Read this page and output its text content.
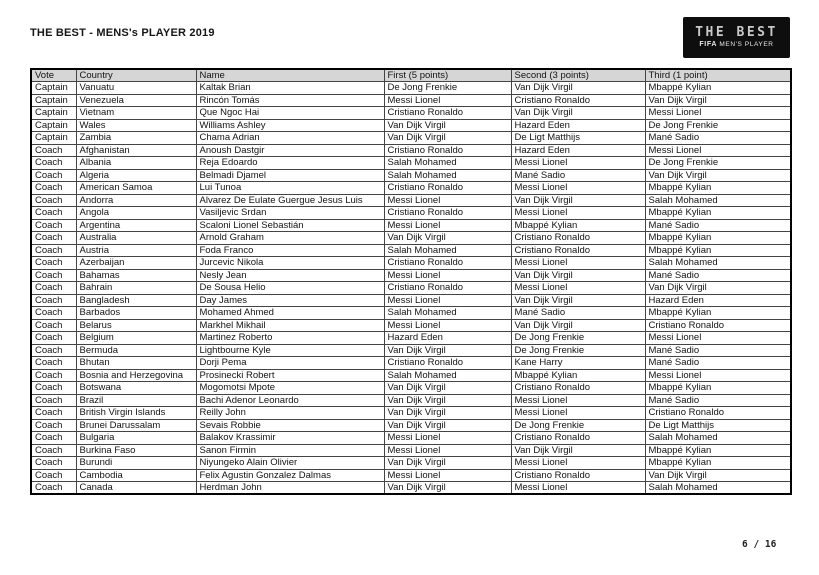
THE BEST - MENS's PLAYER 2019	THE BEST
FIFA MEN'S PLAYER
Vote	Country	Name	First (5 points)	Second (3 points)	Third (1 point)
Captain	Vanuatu	Kaltak Brian	De Jong Frenkie	Van Dijk Virgil	Mbappé Kylian
Captain	Venezuela	Rincón Tomás	Messi Lionel	Cristiano Ronaldo	Van Dijk Virgil
Captain	Vietnam	Que Ngoc Hai	Cristiano Ronaldo	Van Dijk Virgil	Messi Lionel
Captain	Wales	Williams Ashley	Van Dijk Virgil	Hazard Eden	De Jong Frenkie
Captain	Zambia	Chama Adrian	Van Dijk Virgil	De Ligt Matthijs	Mané Sadio
Coach	Afghanistan	Anoush Dastgir	Cristiano Ronaldo	Hazard Eden	Messi Lionel
Coach	Albania	Reja Edoardo	Salah Mohamed	Messi Lionel	De Jong Frenkie
Coach	Algeria	Belmadi Djamel	Salah Mohamed	Mané Sadio	Van Dijk Virgil
Coach	American Samoa	Lui Tunoa	Cristiano Ronaldo	Messi Lionel	Mbappé Kylian
Coach	Andorra	Alvarez De Eulate Guergue Jesus Luis	Messi Lionel	Van Dijk Virgil	Salah Mohamed
Coach	Angola	Vasiljevic Srdan	Cristiano Ronaldo	Messi Lionel	Mbappé Kylian
Coach	Argentina	Scaloni Lionel Sebastián	Messi Lionel	Mbappé Kylian	Mané Sadio
Coach	Australia	Arnold Graham	Van Dijk Virgil	Cristiano Ronaldo	Mbappé Kylian
Coach	Austria	Foda Franco	Salah Mohamed	Cristiano Ronaldo	Mbappé Kylian
Coach	Azerbaijan	Jurcevic Nikola	Cristiano Ronaldo	Messi Lionel	Salah Mohamed
Coach	Bahamas	Nesly Jean	Messi Lionel	Van Dijk Virgil	Mané Sadio
Coach	Bahrain	De Sousa Helio	Cristiano Ronaldo	Messi Lionel	Van Dijk Virgil
Coach	Bangladesh	Day James	Messi Lionel	Van Dijk Virgil	Hazard Eden
Coach	Barbados	Mohamed Ahmed	Salah Mohamed	Mané Sadio	Mbappé Kylian
Coach	Belarus	Markhel Mikhail	Messi Lionel	Van Dijk Virgil	Cristiano Ronaldo
Coach	Belgium	Martinez Roberto	Hazard Eden	De Jong Frenkie	Messi Lionel
Coach	Bermuda	Lightbourne Kyle	Van Dijk Virgil	De Jong Frenkie	Mané Sadio
Coach	Bhutan	Dorji Pema	Cristiano Ronaldo	Kane Harry	Mané Sadio
Coach	Bosnia and Herzegovina	Prosinecki Robert	Salah Mohamed	Mbappé Kylian	Messi Lionel
Coach	Botswana	Mogomotsi Mpote	Van Dijk Virgil	Cristiano Ronaldo	Mbappé Kylian
Coach	Brazil	Bachi Adenor Leonardo	Van Dijk Virgil	Messi Lionel	Mané Sadio
Coach	British Virgin Islands	Reilly John	Van Dijk Virgil	Messi Lionel	Cristiano Ronaldo
Coach	Brunei Darussalam	Sevais Robbie	Van Dijk Virgil	De Jong Frenkie	De Ligt Matthijs
Coach	Bulgaria	Balakov Krassimir	Messi Lionel	Cristiano Ronaldo	Salah Mohamed
Coach	Burkina Faso	Sanon Firmin	Messi Lionel	Van Dijk Virgil	Mbappé Kylian
Coach	Burundi	Niyungeko Alain Olivier	Van Dijk Virgil	Messi Lionel	Mbappé Kylian
Coach	Cambodia	Felix Agustin Gonzalez Dalmas	Messi Lionel	Cristiano Ronaldo	Van Dijk Virgil
Coach	Canada	Herdman John	Van Dijk Virgil	Messi Lionel	Salah Mohamed
6 / 16
